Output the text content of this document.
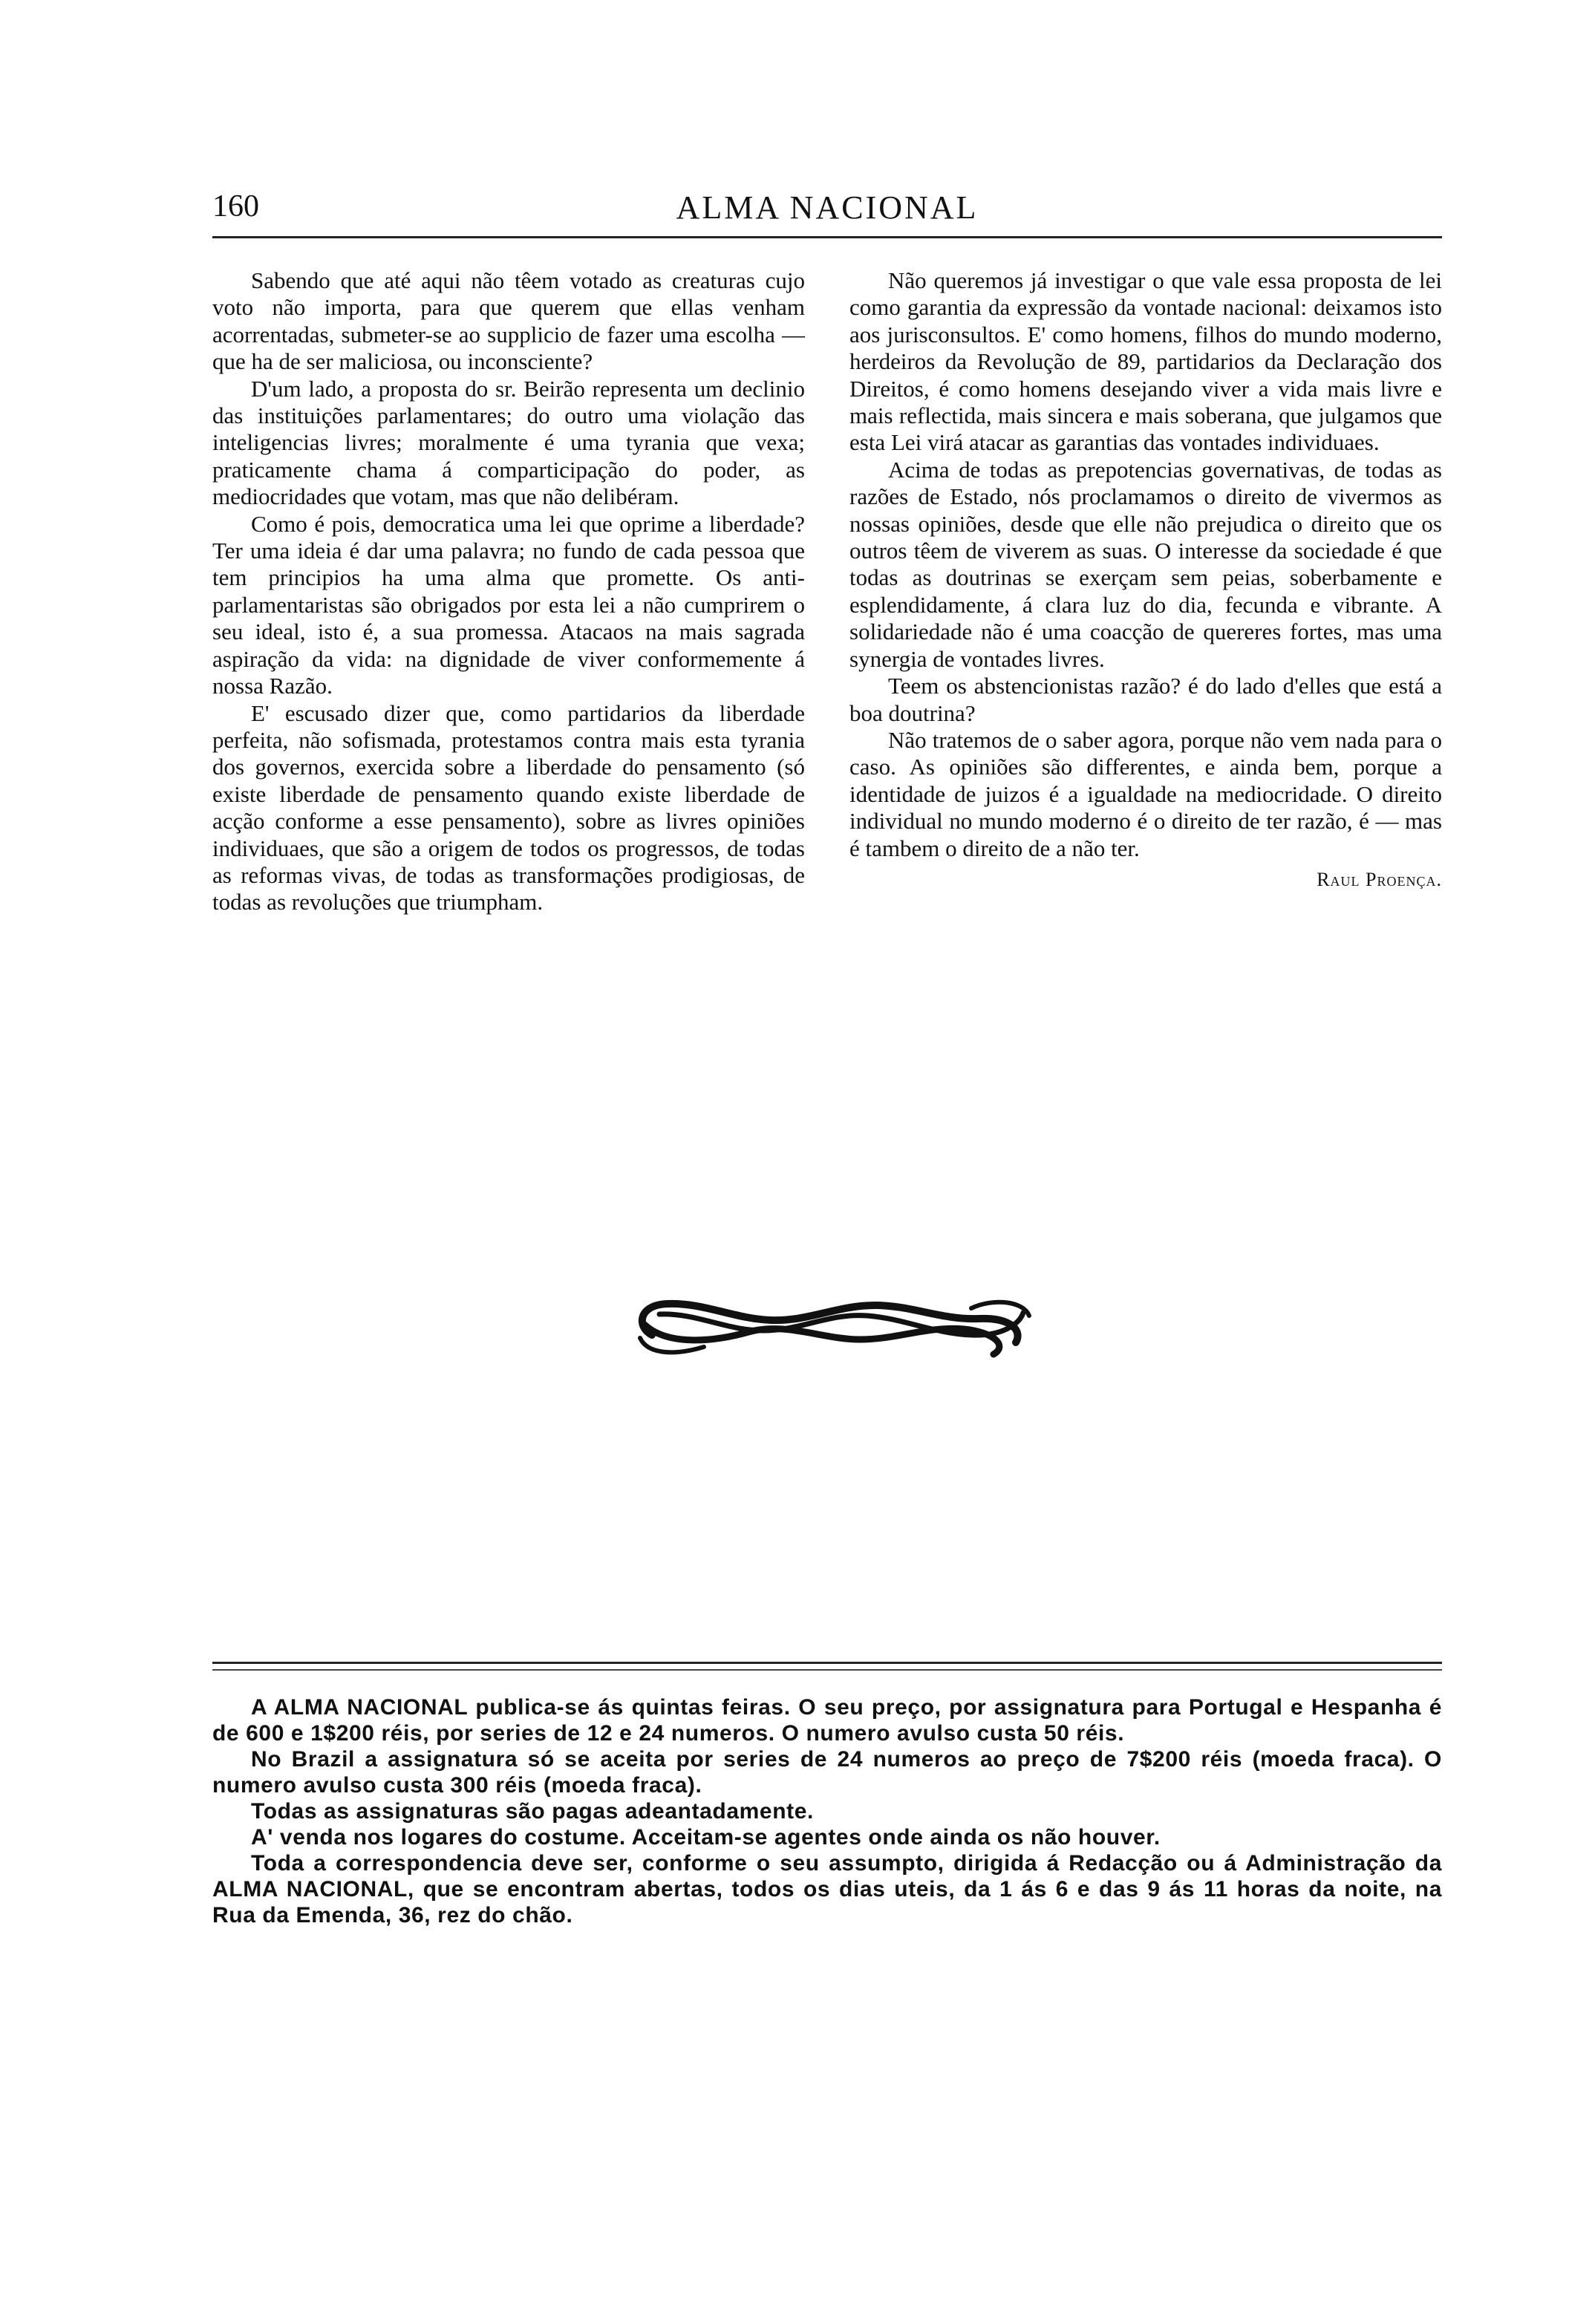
160	ALMA NACIONAL

Sabendo que até aqui não têem votado as creaturas cujo voto não importa, para que querem que ellas venham acorrentadas, submeter-se ao supplicio de fazer uma escolha — que ha de ser maliciosa, ou inconsciente?

D'um lado, a proposta do sr. Beirão representa um declinio das instituições parlamentares; do outro uma violação das inteligencias livres; moralmente é uma tyrania que vexa; praticamente chama á comparticipação do poder, as mediocridades que votam, mas que não delibéram.

Como é pois, democratica uma lei que oprime a liberdade? Ter uma ideia é dar uma palavra; no fundo de cada pessoa que tem principios ha uma alma que promette. Os anti-parlamentaristas são obrigados por esta lei a não cumprirem o seu ideal, isto é, a sua promessa. Atacaos na mais sagrada aspiração da vida: na dignidade de viver conformemente á nossa Razão.

E' escusado dizer que, como partidarios da liberdade perfeita, não sofismada, protestamos contra mais esta tyrania dos governos, exercida sobre a liberdade do pensamento (só existe liberdade de pensamento quando existe liberdade de acção conforme a esse pensamento), sobre as livres opiniões individuaes, que são a origem de todos os progressos, de todas as reformas vivas, de todas as transformações prodigiosas, de todas as revoluções que triumpham.

Não queremos já investigar o que vale essa proposta de lei como garantia da expressão da vontade nacional: deixamos isto aos jurisconsultos. E' como homens, filhos do mundo moderno, herdeiros da Revolução de 89, partidarios da Declaração dos Direitos, é como homens desejando viver a vida mais livre e mais reflectida, mais sincera e mais soberana, que julgamos que esta Lei virá atacar as garantias das vontades individuaes.

Acima de todas as prepotencias governativas, de todas as razões de Estado, nós proclamamos o direito de vivermos as nossas opiniões, desde que elle não prejudica o direito que os outros têem de viverem as suas. O interesse da sociedade é que todas as doutrinas se exerçam sem peias, soberbamente e esplendidamente, á clara luz do dia, fecunda e vibrante. A solidariedade não é uma coacção de quereres fortes, mas uma synergia de vontades livres.

Teem os abstencionistas razão? é do lado d'elles que está a boa doutrina?

Não tratemos de o saber agora, porque não vem nada para o caso. As opiniões são differentes, e ainda bem, porque a identidade de juizos é a igualdade na mediocridade. O direito individual no mundo moderno é o direito de ter razão, é — mas é tambem o direito de a não ter.

Raul Proença.

A ALMA NACIONAL publica-se ás quintas feiras. O seu preço, por assignatura para Portugal e Hespanha é de 600 e 1$200 réis, por series de 12 e 24 numeros. O numero avulso custa 50 réis.

No Brazil a assignatura só se aceita por series de 24 numeros ao preço de 7$200 réis (moeda fraca). O numero avulso custa 300 réis (moeda fraca).

Todas as assignaturas são pagas adeantadamente.

A' venda nos logares do costume. Acceitam-se agentes onde ainda os não houver.

Toda a correspondencia deve ser, conforme o seu assumpto, dirigida á Redacção ou á Administração da ALMA NACIONAL, que se encontram abertas, todos os dias uteis, da 1 ás 6 e das 9 ás 11 horas da noite, na Rua da Emenda, 36, rez do chão.
